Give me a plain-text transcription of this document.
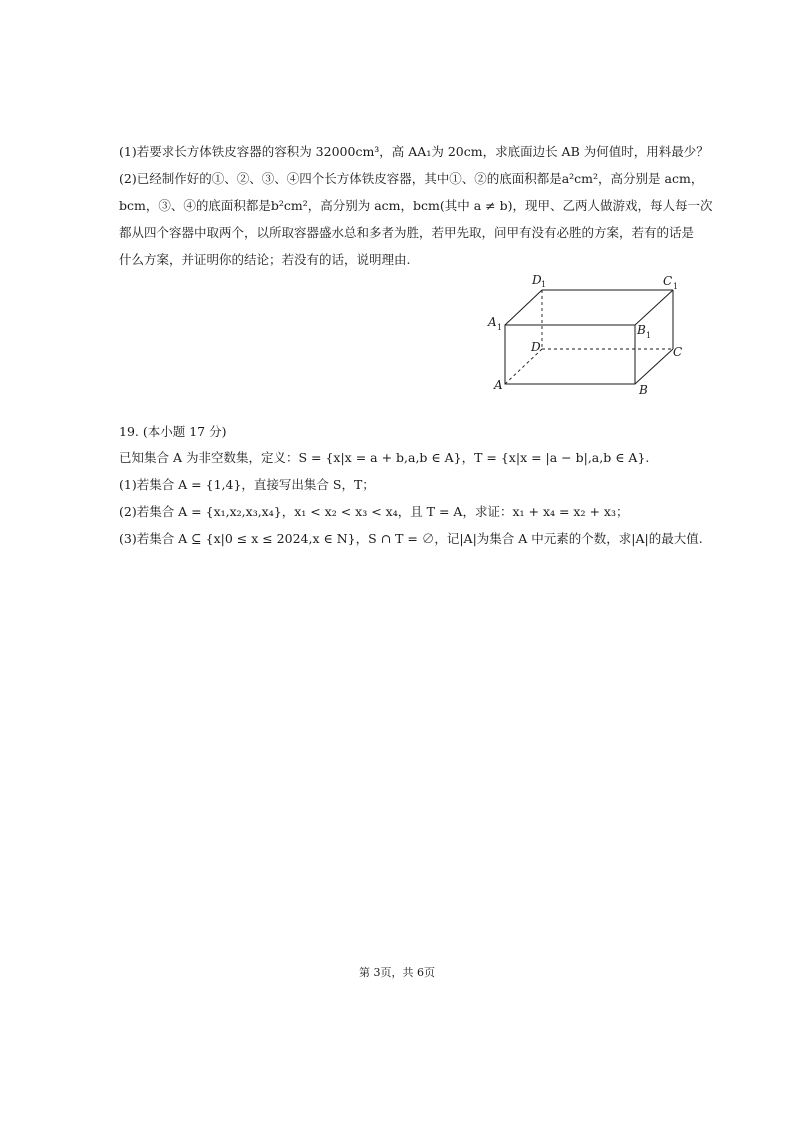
(1)若要求长方体铁皮容器的容积为 32000cm³，高 AA₁为 20cm，求底面边长 AB 为何值时，用料最少？
(2)已经制作好的①、②、③、④四个长方体铁皮容器，其中①、②的底面积都是a²cm²，高分别是 acm，
bcm，③、④的底面积都是b²cm²，高分别为 acm，bcm(其中 a ≠ b)，现甲、乙两人做游戏，每人每一次
都从四个容器中取两个，以所取容器盛水总和多者为胜，若甲先取，问甲有没有必胜的方案，若有的话是
什么方案，并证明你的结论；若没有的话，说明理由.
D 1	C 1
A 1	B 1
D	C
A	B
19. (本小题 17 分)
已知集合 A 为非空数集，定义：S = {x|x = a + b,a,b ∈ A}，T = {x|x = |a − b|,a,b ∈ A}.
(1)若集合 A = {1,4}，直接写出集合 S，T；
(2)若集合 A = {x₁,x₂,x₃,x₄}，x₁ < x₂ < x₃ < x₄，且 T = A，求证：x₁ + x₄ = x₂ + x₃；
(3)若集合 A ⊆ {x|0 ≤ x ≤ 2024,x ∈ N}，S ∩ T = ∅，记|A|为集合 A 中元素的个数，求|A|的最大值.
第 3页，共 6页
